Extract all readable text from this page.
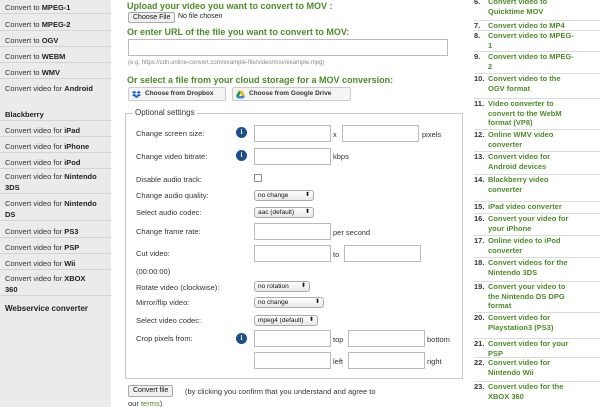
Convert to MPEG-1
Convert to MPEG-2
Convert to OGV
Convert to WEBM
Convert to WMV
Convert video for Android
Blackberry
Convert video for iPad
Convert video for iPhone
Convert video for iPod
Convert video for Nintendo
3DS
Convert video for Nintendo
DS
Convert video for PS3
Convert video for PSP
Convert video for Wii
Convert video for XBOX
360
Webservice converter
Upload your video you want to convert to MOV :
Choose File	No file chosen
Or enter URL of the file you want to convert to MOV:
(e.g. https://cdn.online-convert.com/example-file/video/mov/example.mpg)
Or select a file from your cloud storage for a MOV conversion:
Choose from Dropbox	Choose from Google Drive
Optional settings
Change screen size:	i	x	pixels
Change video bitrate:	i	kbps
Disable audio track:
Change audio quality:	no change	⬍
Select audio codec:	aac (default) ⬍
Change frame rate:	per second
Cut video:	to
(00:00:00)
Rotate video (clockwise):	no rotation ⬍
Mirror/flip video:	no change	⬍
Select video codec:	mpeg4 (default) ⬍
Crop pixels from:	i	top	bottom
left	right
Convert file	(by clicking you confirm that you understand and agree to
our terms)
6.	Convert video to
Quicktime MOV
7.	Convert video to MP4
8.	Convert video to MPEG-
1
9.	Convert video to MPEG-
2
10. Convert video to the
OGV format
11. Video converter to
convert to the WebM
format (VP8)
12. Online WMV video
converter
13. Convert video for
Android devices
14. Blackberry video
converter
15. iPad video converter
16. Convert your video for
your iPhone
17. Online video to iPod
converter
18. Convert videos for the
Nintendo 3DS
19. Convert your video to
the Nintendo DS DPG
format
20. Convert video for
Playstation3 (PS3)
21. Convert video for your
PSP
22. Convert video for
Nintendo Wii
23. Convert video for the
XBOX 360
